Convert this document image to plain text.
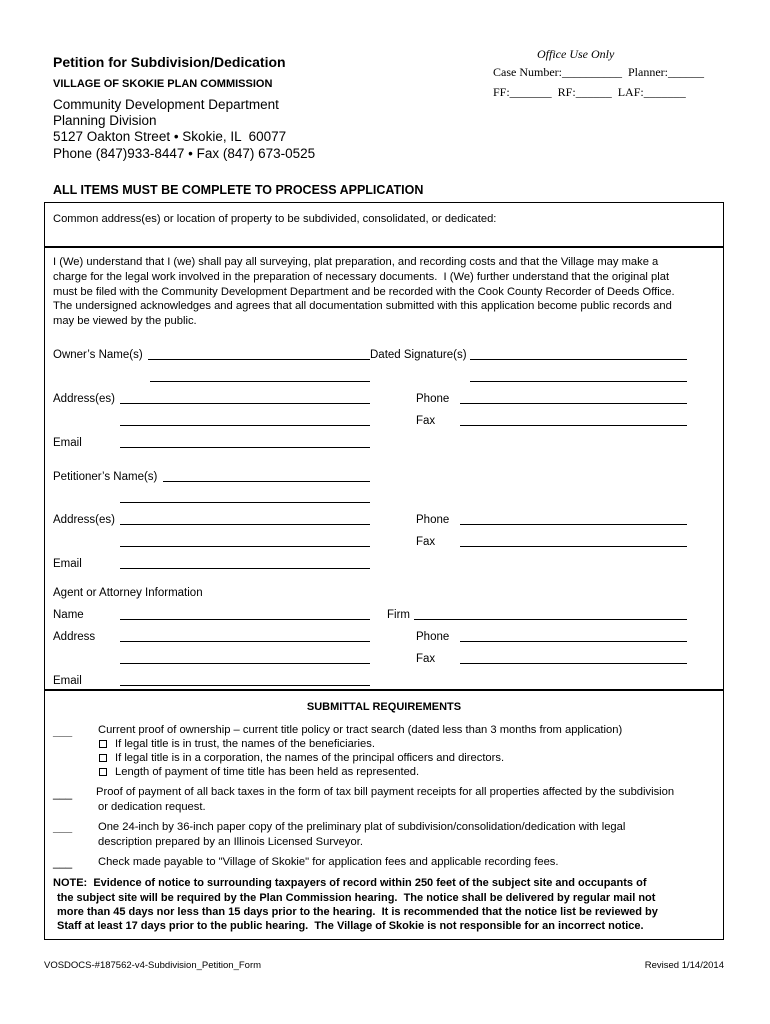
Petition for Subdivision/Dedication
VILLAGE OF SKOKIE PLAN COMMISSION
Community Development Department
Planning Division
5127 Oakton Street • Skokie, IL  60077
Phone (847)933-8447 • Fax (847) 673-0525
Office Use Only
Case Number:__________  Planner:______
FF:_______  RF:______  LAF:_______
ALL ITEMS MUST BE COMPLETE TO PROCESS APPLICATION
Common address(es) or location of property to be subdivided, consolidated, or dedicated:
I (We) understand that I (we) shall pay all surveying, plat preparation, and recording costs and that the Village may make a
charge for the legal work involved in the preparation of necessary documents.  I (We) further understand that the original plat
must be filed with the Community Development Department and be recorded with the Cook County Recorder of Deeds Office.
The undersigned acknowledges and agrees that all documentation submitted with this application become public records and
may be viewed by the public.
Owner’s Name(s)	Dated Signature(s)
Address(es)	Phone
Fax
Email
Petitioner’s Name(s)
Address(es)	Phone
Fax
Email
Agent or Attorney Information
Name	Firm
Address	Phone
Fax
Email
SUBMITTAL REQUIREMENTS
___ Current proof of ownership – current title policy or tract search (dated less than 3 months from application)
If legal title is in trust, the names of the beneficiaries.
If legal title is in a corporation, the names of the principal officers and directors.
Length of payment of time title has been held as represented.
___ Proof of payment of all back taxes in the form of tax bill payment receipts for all properties affected by the subdivision
or dedication request.
___ One 24-inch by 36-inch paper copy of the preliminary plat of subdivision/consolidation/dedication with legal
description prepared by an Illinois Licensed Surveyor.
___ Check made payable to "Village of Skokie" for application fees and applicable recording fees.
NOTE:  Evidence of notice to surrounding taxpayers of record within 250 feet of the subject site and occupants of
the subject site will be required by the Plan Commission hearing.  The notice shall be delivered by regular mail not
more than 45 days nor less than 15 days prior to the hearing.  It is recommended that the notice list be reviewed by
Staff at least 17 days prior to the public hearing.  The Village of Skokie is not responsible for an incorrect notice.
VOSDOCS-#187562-v4-Subdivision_Petition_Form	Revised 1/14/2014
